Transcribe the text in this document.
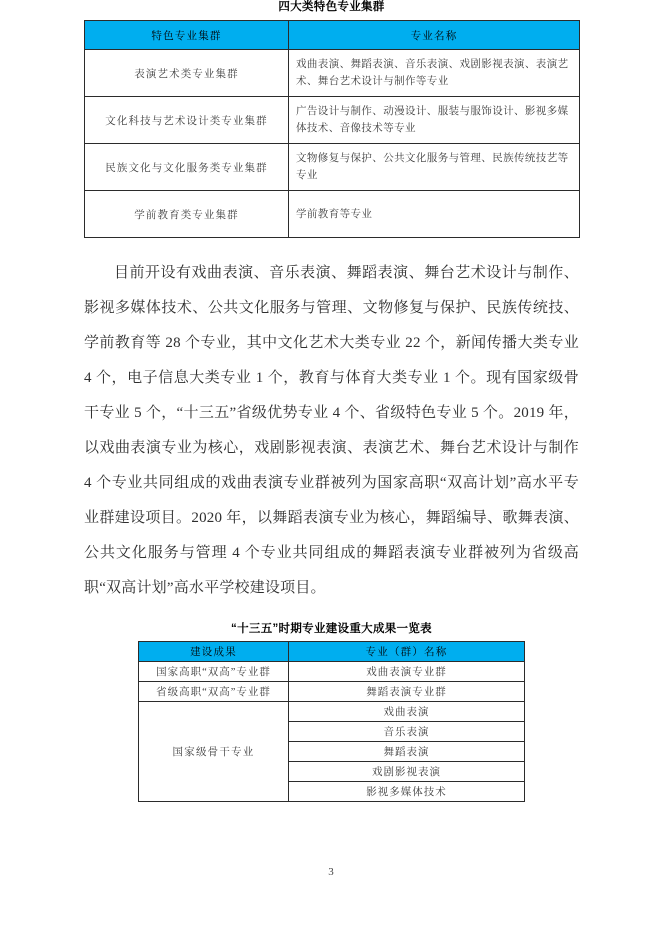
四大类特色专业集群
特色专业集群	专业名称
表演艺术类专业集群	戏曲表演、舞蹈表演、音乐表演、戏剧影视表演、表演艺术、舞台艺术设计与制作等专业
文化科技与艺术设计类专业集群	广告设计与制作、动漫设计、服装与服饰设计、影视多媒体技术、音像技术等专业
民族文化与文化服务类专业集群	文物修复与保护、公共文化服务与管理、民族传统技艺等专业
学前教育类专业集群	学前教育等专业

目前开设有戏曲表演、音乐表演、舞蹈表演、舞台艺术设计与制作、影视多媒体技术、公共文化服务与管理、文物修复与保护、民族传统技、学前教育等 28 个专业，其中文化艺术大类专业 22 个，新闻传播大类专业 4 个，电子信息大类专业 1 个，教育与体育大类专业 1 个。现有国家级骨干专业 5 个，“十三五”省级优势专业 4 个、省级特色专业 5 个。2019 年，以戏曲表演专业为核心，戏剧影视表演、表演艺术、舞台艺术设计与制作 4 个专业共同组成的戏曲表演专业群被列为国家高职“双高计划”高水平专业群建设项目。2020 年，以舞蹈表演专业为核心，舞蹈编导、歌舞表演、公共文化服务与管理 4 个专业共同组成的舞蹈表演专业群被列为省级高职“双高计划”高水平学校建设项目。

“十三五”时期专业建设重大成果一览表
建设成果	专业（群）名称
国家高职“双高”专业群	戏曲表演专业群
省级高职“双高”专业群	舞蹈表演专业群
国家级骨干专业	戏曲表演
	音乐表演
	舞蹈表演
	戏剧影视表演
	影视多媒体技术
3
